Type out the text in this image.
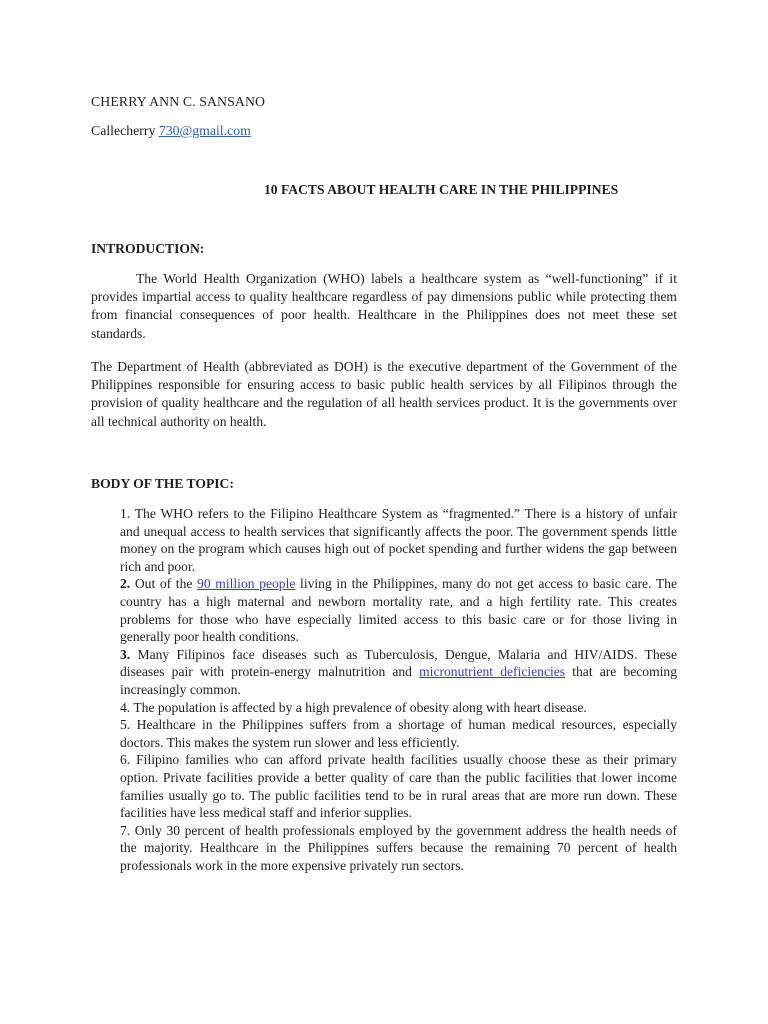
CHERRY ANN C. SANSANO
Callecherry 730@gmail.com
10 FACTS ABOUT HEALTH CARE IN THE PHILIPPINES
INTRODUCTION:
The World Health Organization (WHO) labels a healthcare system as “well-functioning” if it provides impartial access to quality healthcare regardless of pay dimensions public while protecting them from financial consequences of poor health. Healthcare in the Philippines does not meet these set standards.
The Department of Health (abbreviated as DOH) is the executive department of the Government of the Philippines responsible for ensuring access to basic public health services by all Filipinos through the provision of quality healthcare and the regulation of all health services product. It is the governments over all technical authority on health.
BODY OF THE TOPIC:

1. The WHO refers to the Filipino Healthcare System as “fragmented.” There is a history of unfair and unequal access to health services that significantly affects the poor. The government spends little money on the program which causes high out of pocket spending and further widens the gap between rich and poor.

2. Out of the 90 million people living in the Philippines, many do not get access to basic care. The country has a high maternal and newborn mortality rate, and a high fertility rate. This creates problems for those who have especially limited access to this basic care or for those living in generally poor health conditions.

3. Many Filipinos face diseases such as Tuberculosis, Dengue, Malaria and HIV/AIDS. These diseases pair with protein-energy malnutrition and micronutrient deficiencies that are becoming increasingly common.

4. The population is affected by a high prevalence of obesity along with heart disease.

5. Healthcare in the Philippines suffers from a shortage of human medical resources, especially doctors. This makes the system run slower and less efficiently.

6. Filipino families who can afford private health facilities usually choose these as their primary option. Private facilities provide a better quality of care than the public facilities that lower income families usually go to. The public facilities tend to be in rural areas that are more run down. These facilities have less medical staff and inferior supplies.

7. Only 30 percent of health professionals employed by the government address the health needs of the majority. Healthcare in the Philippines suffers because the remaining 70 percent of health professionals work in the more expensive privately run sectors.
